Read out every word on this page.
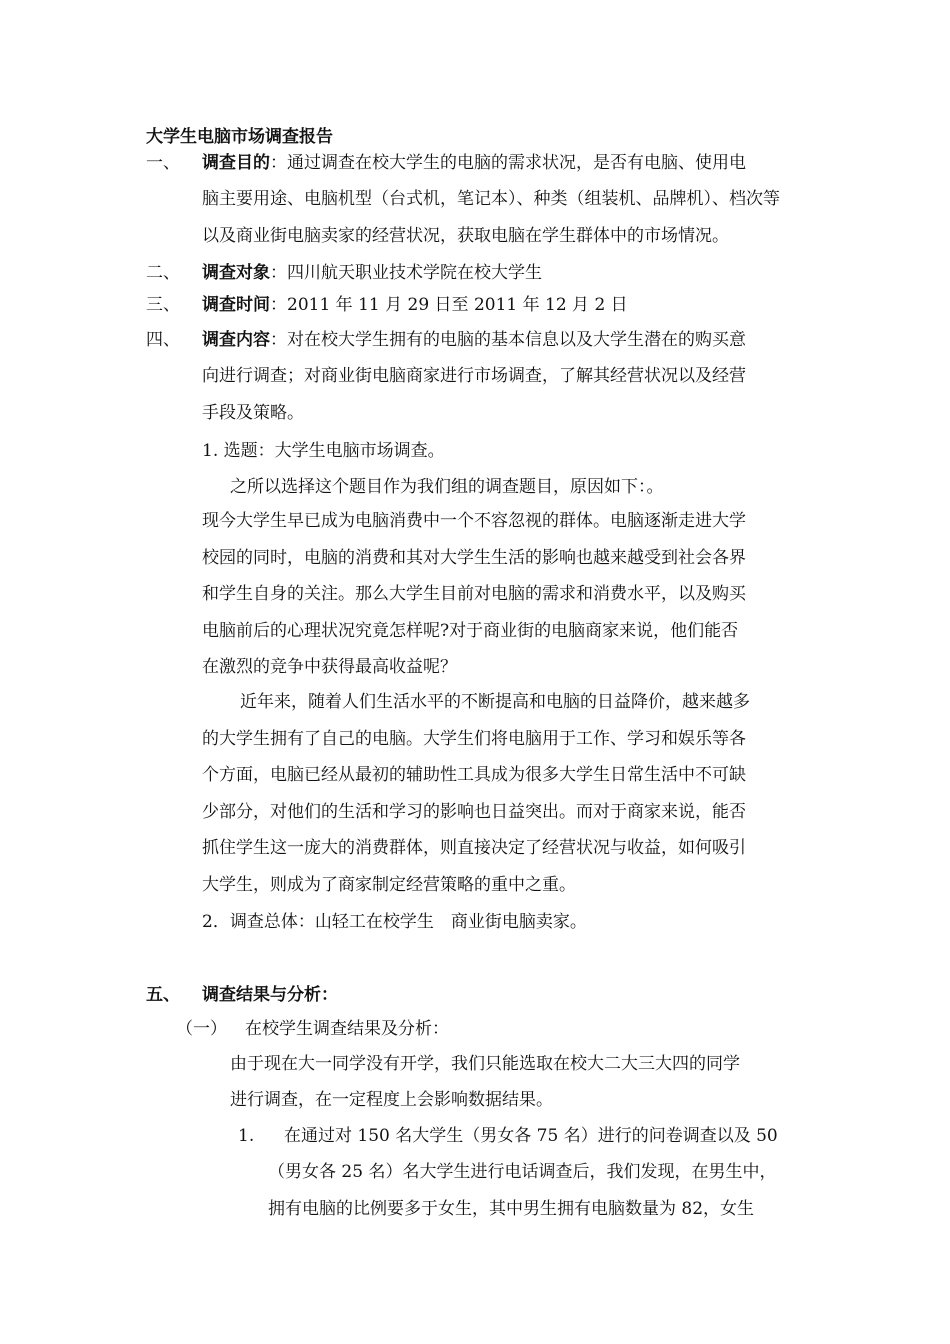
大学生电脑市场调查报告
一、 调查目的：通过调查在校大学生的电脑的需求状况，是否有电脑、使用电
脑主要用途、电脑机型（台式机，笔记本）、种类（组装机、品牌机）、档次等
以及商业街电脑卖家的经营状况，获取电脑在学生群体中的市场情况。
二、 调查对象：四川航天职业技术学院在校大学生
三、 调查时间：2011 年 11 月 29 日至 2011 年 12 月 2 日
四、 调查内容：对在校大学生拥有的电脑的基本信息以及大学生潜在的购买意
向进行调查；对商业街电脑商家进行市场调查，了解其经营状况以及经营
手段及策略。
1. 选题：大学生电脑市场调查。
之所以选择这个题目作为我们组的调查题目，原因如下：。
现今大学生早已成为电脑消费中一个不容忽视的群体。电脑逐渐走进大学
校园的同时，电脑的消费和其对大学生生活的影响也越来越受到社会各界
和学生自身的关注。那么大学生目前对电脑的需求和消费水平，以及购买
电脑前后的心理状况究竟怎样呢?对于商业街的电脑商家来说，他们能否
在激烈的竞争中获得最高收益呢？
近年来，随着人们生活水平的不断提高和电脑的日益降价，越来越多
的大学生拥有了自己的电脑。大学生们将电脑用于工作、学习和娱乐等各
个方面，电脑已经从最初的辅助性工具成为很多大学生日常生活中不可缺
少部分，对他们的生活和学习的影响也日益突出。而对于商家来说，能否
抓住学生这一庞大的消费群体，则直接决定了经营状况与收益，如何吸引
大学生，则成为了商家制定经营策略的重中之重。
2．调查总体：山轻工在校学生　商业街电脑卖家。
五、 调查结果与分析：
（一） 在校学生调查结果及分析：
由于现在大一同学没有开学，我们只能选取在校大二大三大四的同学
进行调查，在一定程度上会影响数据结果。
1. 在通过对 150 名大学生（男女各 75 名）进行的问卷调查以及 50
（男女各 25 名）名大学生进行电话调查后，我们发现，在男生中，
拥有电脑的比例要多于女生，其中男生拥有电脑数量为 82，女生
